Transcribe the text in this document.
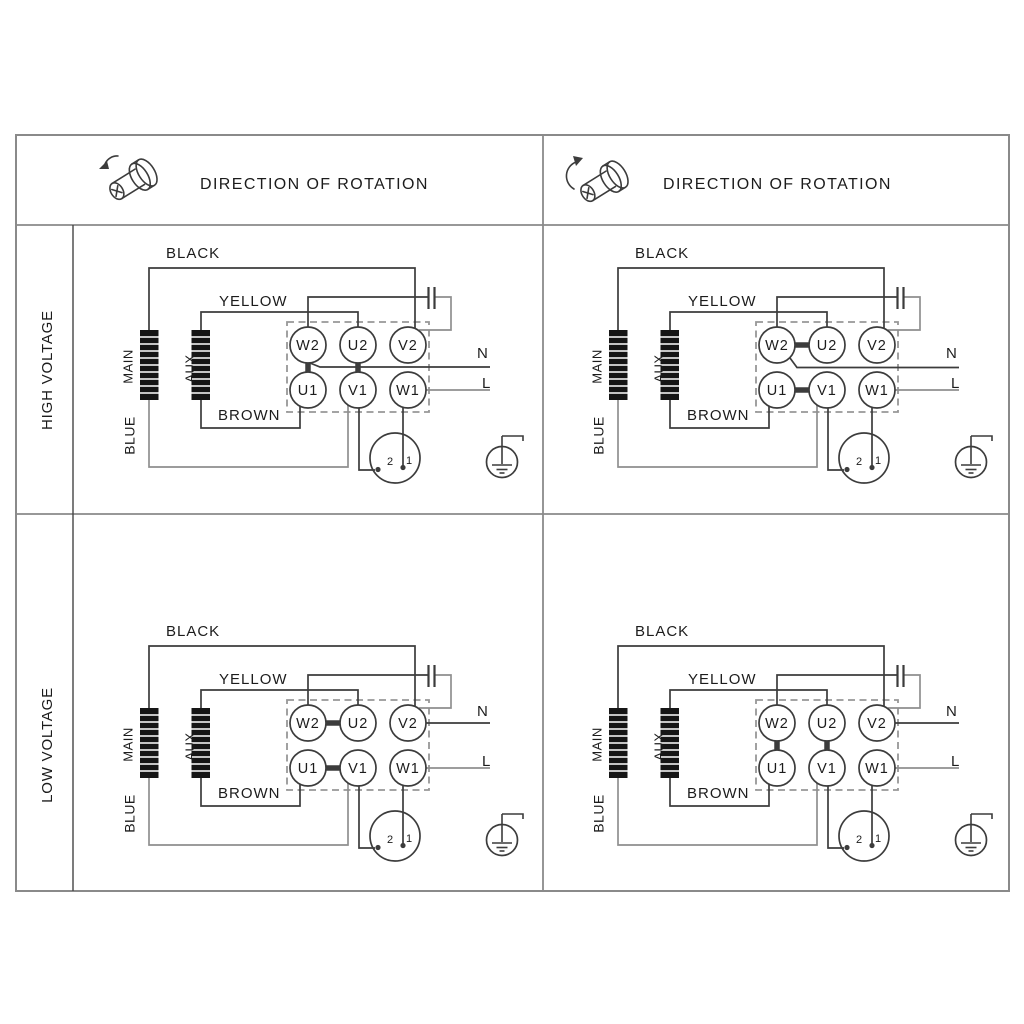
DIRECTION OF ROTATION	DIRECTION OF ROTATION
HIGH VOLTAGE
LOW VOLTAGE
W2 U2 V2
U1 V1 W1
2 1
BLACK
YELLOW
BROWN
MAIN	AUX
BLUE
N
L
W2 U2 V2
U1 V1 W1
2 1
BLACK
YELLOW
BROWN
MAIN	AUX
BLUE
N
L
W2 U2 V2
U1 V1 W1
2 1
BLACK
YELLOW
BROWN
MAIN	AUX
BLUE
N
L
W2 U2 V2
U1 V1 W1
2 1
BLACK
YELLOW
BROWN
MAIN	AUX
BLUE
N
L
